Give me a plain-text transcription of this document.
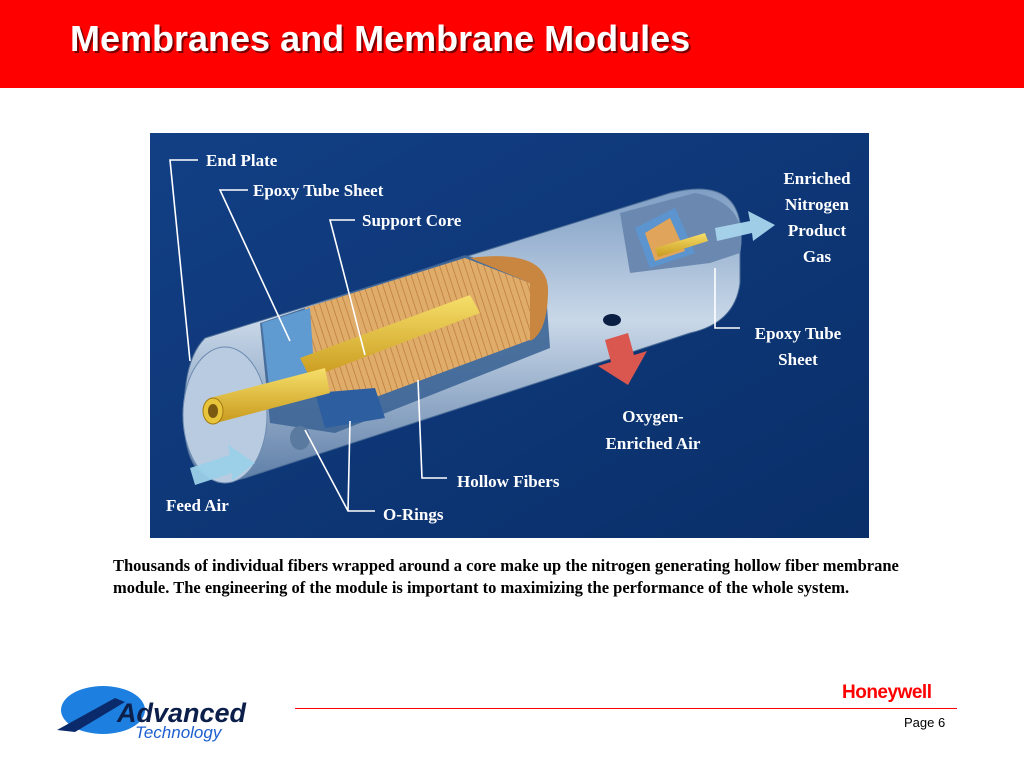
Membranes and Membrane Modules
End Plate
Epoxy Tube Sheet
Support Core
Enriched
Nitrogen
Product
Gas
Epoxy Tube
Sheet
Oxygen-
Enriched Air
Hollow Fibers
Feed Air	O-Rings

Thousands of individual fibers wrapped around a core make up the nitrogen generating hollow fiber membrane module. The engineering of the module is important to maximizing the performance of the whole system.

Advanced
Technology
Honeywell
Page 6
